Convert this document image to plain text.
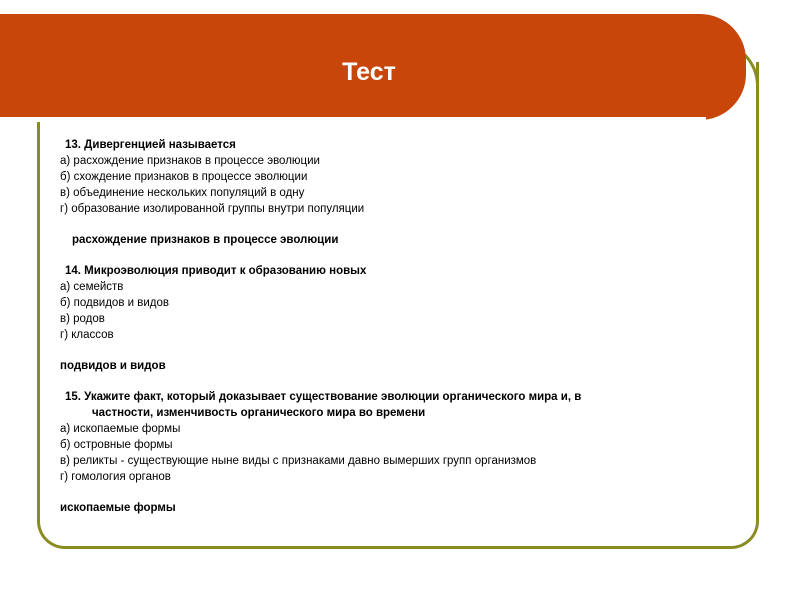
Тест
13. Дивергенцией называется
а) расхождение признаков в процессе эволюции
б) схождение признаков в процессе эволюции
в) объединение нескольких популяций в одну
г) образование изолированной группы внутри популяции
расхождение признаков в процессе эволюции
14. Микроэволюция приводит к образованию новых
а) семейств
б) подвидов и видов
в) родов
г) классов
подвидов и видов
15. Укажите факт, который доказывает существование эволюции органического мира и, в
частности, изменчивость органического мира во времени
а) ископаемые формы
б) островные формы
в) реликты - существующие ныне виды с признаками давно вымерших групп организмов
г) гомология органов
ископаемые формы
